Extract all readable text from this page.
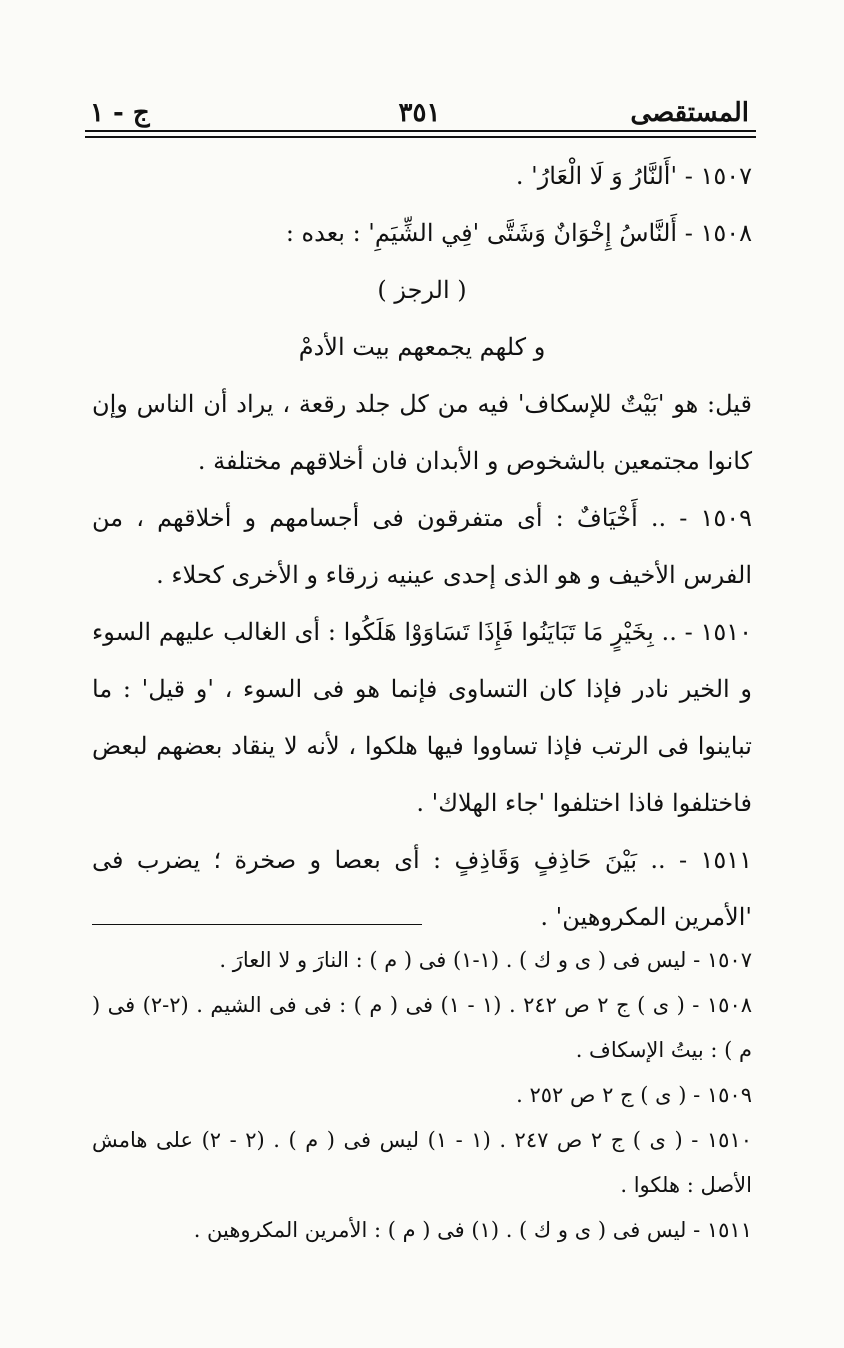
المستقصى
٣٥١
ج - ١
١٥٠٧ - 'أَلنَّارُ وَ لَا الْعَارُ' .
١٥٠٨ - أَلنَّاسُ إِخْوَانٌ وَشَتَّى 'فِي الشِّيَمِ' : بعده :
( الرجز )
و كلهم يجمعهم بيت الأدمْ
قيل: هو 'بَيْتٌ للإسكاف' فيه من كل جلد رقعة ، يراد أن الناس وإن كانوا مجتمعين بالشخوص و الأبدان فان أخلاقهم مختلفة .
١٥٠٩ - .. أَخْيَافٌ : أى متفرقون فى أجسامهم و أخلاقهم ، من الفرس الأخيف و هو الذى إحدى عينيه زرقاء و الأخرى كحلاء .
١٥١٠ - .. بِخَيْرٍ مَا تَبَايَنُوا فَإِذَا تَسَاوَوْا هَلَكُوا : أى الغالب عليهم السوء و الخير نادر فإذا كان التساوى فإنما هو فى السوء ، 'و قيل' : ما تباينوا فى الرتب فإذا تساووا فيها هلكوا ، لأنه لا ينقاد بعضهم لبعض فاختلفوا فاذا اختلفوا 'جاء الهلاك' .
١٥١١ - .. بَيْنَ حَاذِفٍ وَقَاذِفٍ : أى بعصا و صخرة ؛ يضرب فى 'الأمرين المكروهين' .
١٥٠٧ - ليس فى ( ى و ك ) . (١-١) فى ( م ) : النارَ و لا العارَ .
١٥٠٨ - ( ى ) ج ٢ ص ٢٤٢ . (١ - ١) فى ( م ) : فى فى الشيم . (٢-٢) فى ( م ) : بيتُ الإسكاف .
١٥٠٩ - ( ى ) ج ٢ ص ٢٥٢ .
١٥١٠ - ( ى ) ج ٢ ص ٢٤٧ . (١ - ١) ليس فى ( م ) . (٢ - ٢) على هامش الأصل : هلكوا .
١٥١١ - ليس فى ( ى و ك ) . (١) فى ( م ) : الأمرين المكروهين .
